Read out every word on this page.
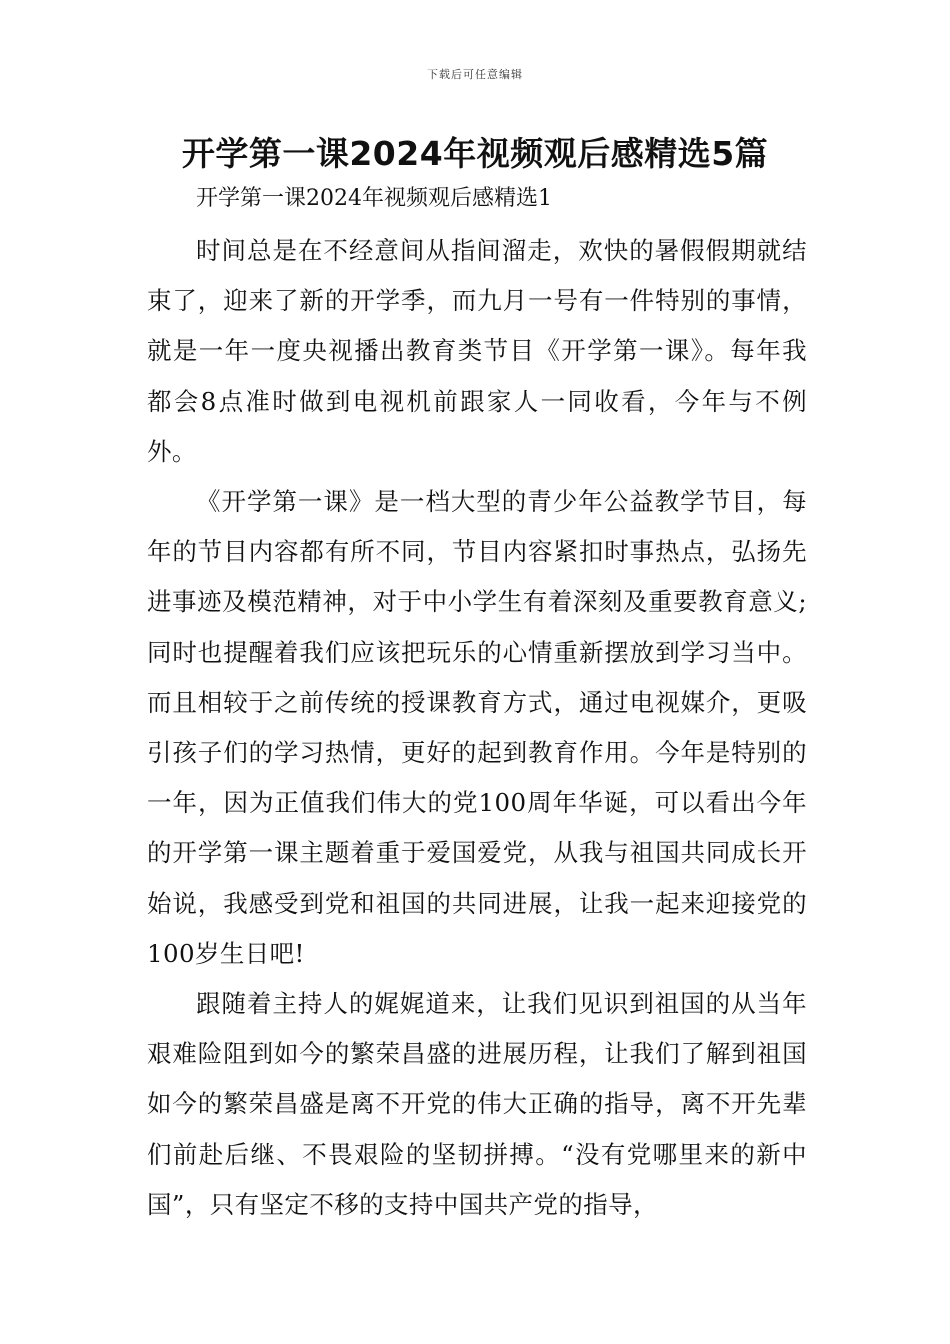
下载后可任意编辑
开学第一课2024年视频观后感精选5篇
开学第一课2024年视频观后感精选1

时间总是在不经意间从指间溜走，欢快的暑假假期就结束了，迎来了新的开学季，而九月一号有一件特别的事情，就是一年一度央视播出教育类节目《开学第一课》。每年我都会8点准时做到电视机前跟家人一同收看，今年与不例外。

《开学第一课》是一档大型的青少年公益教学节目，每年的节目内容都有所不同，节目内容紧扣时事热点，弘扬先进事迹及模范精神，对于中小学生有着深刻及重要教育意义;同时也提醒着我们应该把玩乐的心情重新摆放到学习当中。而且相较于之前传统的授课教育方式，通过电视媒介，更吸引孩子们的学习热情，更好的起到教育作用。今年是特别的一年，因为正值我们伟大的党100周年华诞，可以看出今年的开学第一课主题着重于爱国爱党，从我与祖国共同成长开始说，我感受到党和祖国的共同进展，让我一起来迎接党的100岁生日吧!

跟随着主持人的娓娓道来，让我们见识到祖国的从当年艰难险阻到如今的繁荣昌盛的进展历程，让我们了解到祖国如今的繁荣昌盛是离不开党的伟大正确的指导，离不开先辈们前赴后继、不畏艰险的坚韧拼搏。“没有党哪里来的新中国”，只有坚定不移的支持中国共产党的指导，
